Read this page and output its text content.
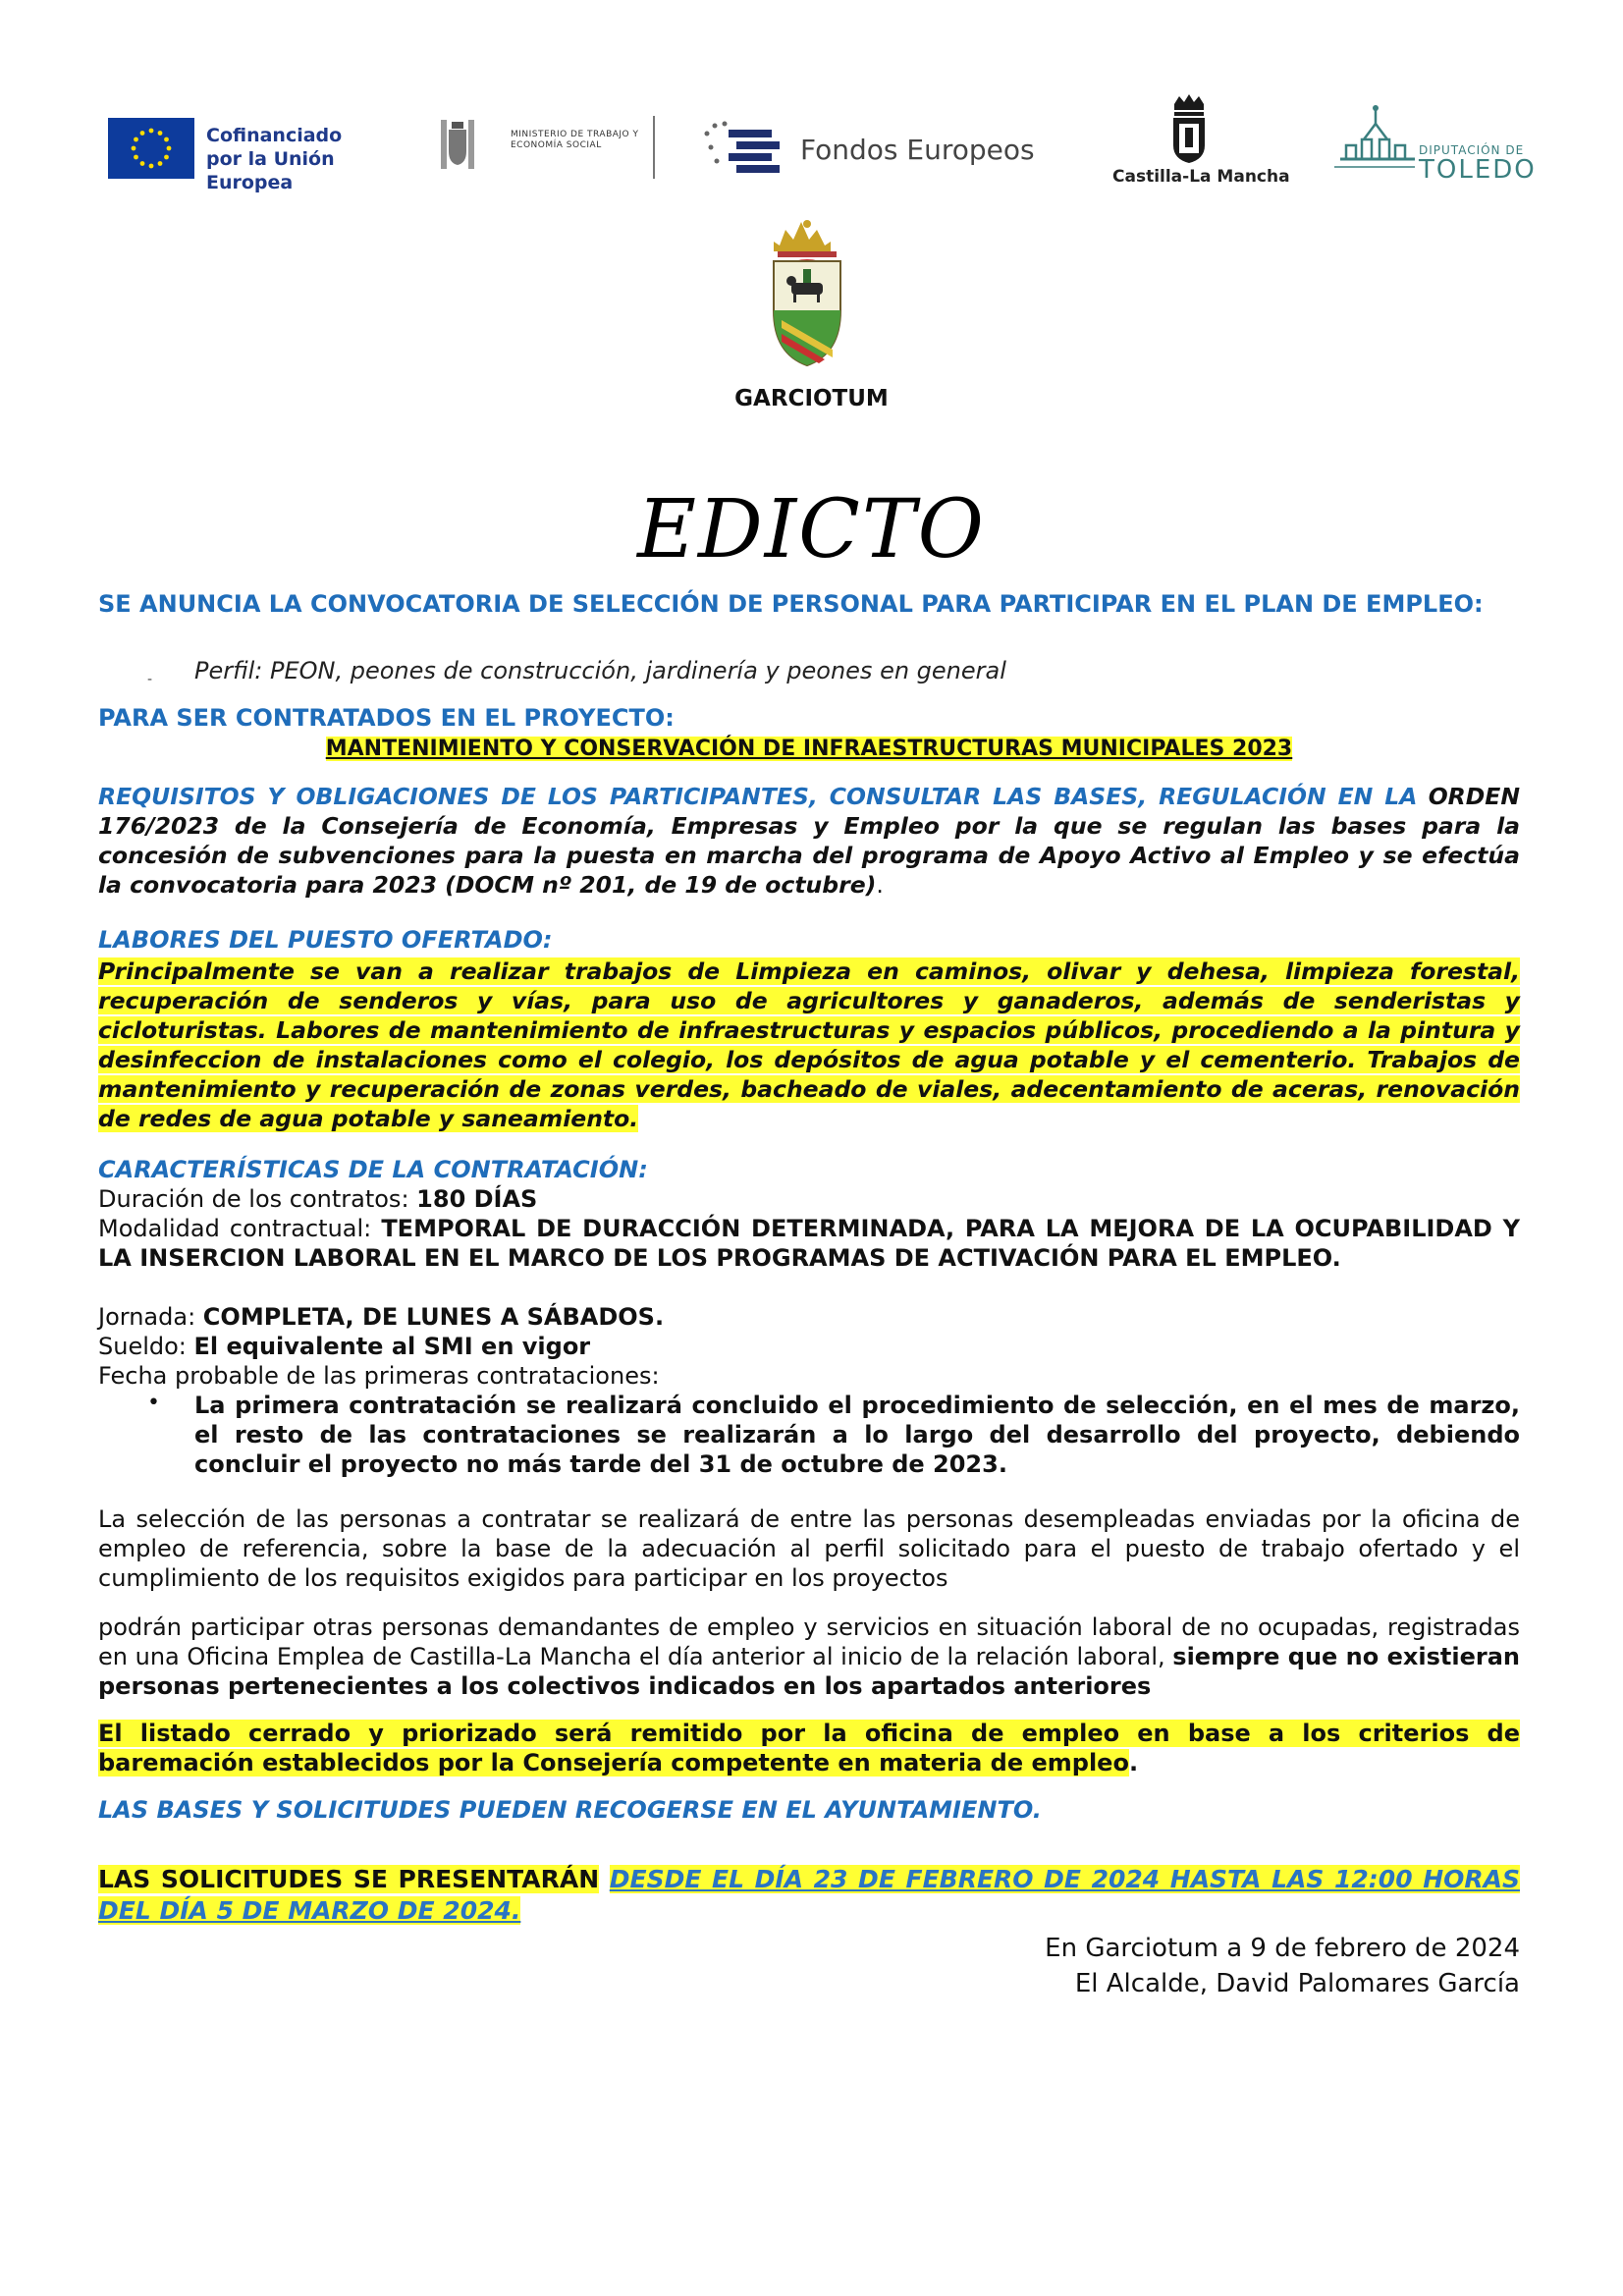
Cofinanciado por la Unión Europea
MINISTERIO DE TRABAJO Y ECONOMÍA SOCIAL	Fondos Europeos
Castilla-La Mancha
DIPUTACIÓN DE
TOLEDO
GARCIOTUM
EDICTO
SE ANUNCIA LA CONVOCATORIA DE SELECCIÓN DE PERSONAL PARA PARTICIPAR EN EL PLAN DE EMPLEO:
- Perfil: PEON, peones de construcción, jardinería y peones en general
PARA SER CONTRATADOS EN EL PROYECTO:
MANTENIMIENTO Y CONSERVACIÓN DE INFRAESTRUCTURAS MUNICIPALES 2023
REQUISITOS Y OBLIGACIONES DE LOS PARTICIPANTES, CONSULTAR LAS BASES, REGULACIÓN EN LA ORDEN 176/2023 de la Consejería de Economía, Empresas y Empleo por la que se regulan las bases para la concesión de subvenciones para la puesta en marcha del programa de Apoyo Activo al Empleo y se efectúa la convocatoria para 2023 (DOCM nº 201, de 19 de octubre).
LABORES DEL PUESTO OFERTADO:
Principalmente se van a realizar trabajos de Limpieza en caminos, olivar y dehesa, limpieza forestal, recuperación de senderos y vías, para uso de agricultores y ganaderos, además de senderistas y cicloturistas. Labores de mantenimiento de infraestructuras y espacios públicos, procediendo a la pintura y desinfeccion de instalaciones como el colegio, los depósitos de agua potable y el cementerio. Trabajos de mantenimiento y recuperación de zonas verdes, bacheado de viales, adecentamiento de aceras, renovación de redes de agua potable y saneamiento.
CARACTERÍSTICAS DE LA CONTRATACIÓN:
Duración de los contratos: 180 DÍAS
Modalidad contractual: TEMPORAL DE DURACCIÓN DETERMINADA, PARA LA MEJORA DE LA OCUPABILIDAD Y LA INSERCION LABORAL EN EL MARCO DE LOS PROGRAMAS DE ACTIVACIÓN PARA EL EMPLEO.
Jornada: COMPLETA, DE LUNES A SÁBADOS.
Sueldo: El equivalente al SMI en vigor
Fecha probable de las primeras contrataciones:
• La primera contratación se realizará concluido el procedimiento de selección, en el mes de marzo, el resto de las contrataciones se realizarán a lo largo del desarrollo del proyecto, debiendo concluir el proyecto no más tarde del 31 de octubre de 2023.
La selección de las personas a contratar se realizará de entre las personas desempleadas enviadas por la oficina de empleo de referencia, sobre la base de la adecuación al perfil solicitado para el puesto de trabajo ofertado y el cumplimiento de los requisitos exigidos para participar en los proyectos
podrán participar otras personas demandantes de empleo y servicios en situación laboral de no ocupadas, registradas en una Oficina Emplea de Castilla-La Mancha el día anterior al inicio de la relación laboral, siempre que no existieran personas pertenecientes a los colectivos indicados en los apartados anteriores
El listado cerrado y priorizado será remitido por la oficina de empleo en base a los criterios de baremación establecidos por la Consejería competente en materia de empleo.
LAS BASES Y SOLICITUDES PUEDEN RECOGERSE EN EL AYUNTAMIENTO.
LAS SOLICITUDES SE PRESENTARÁN DESDE EL DÍA 23 DE FEBRERO DE 2024 HASTA LAS 12:00 HORAS DEL DÍA 5 DE MARZO DE 2024.
En Garciotum a 9 de febrero de 2024
El Alcalde, David Palomares García
